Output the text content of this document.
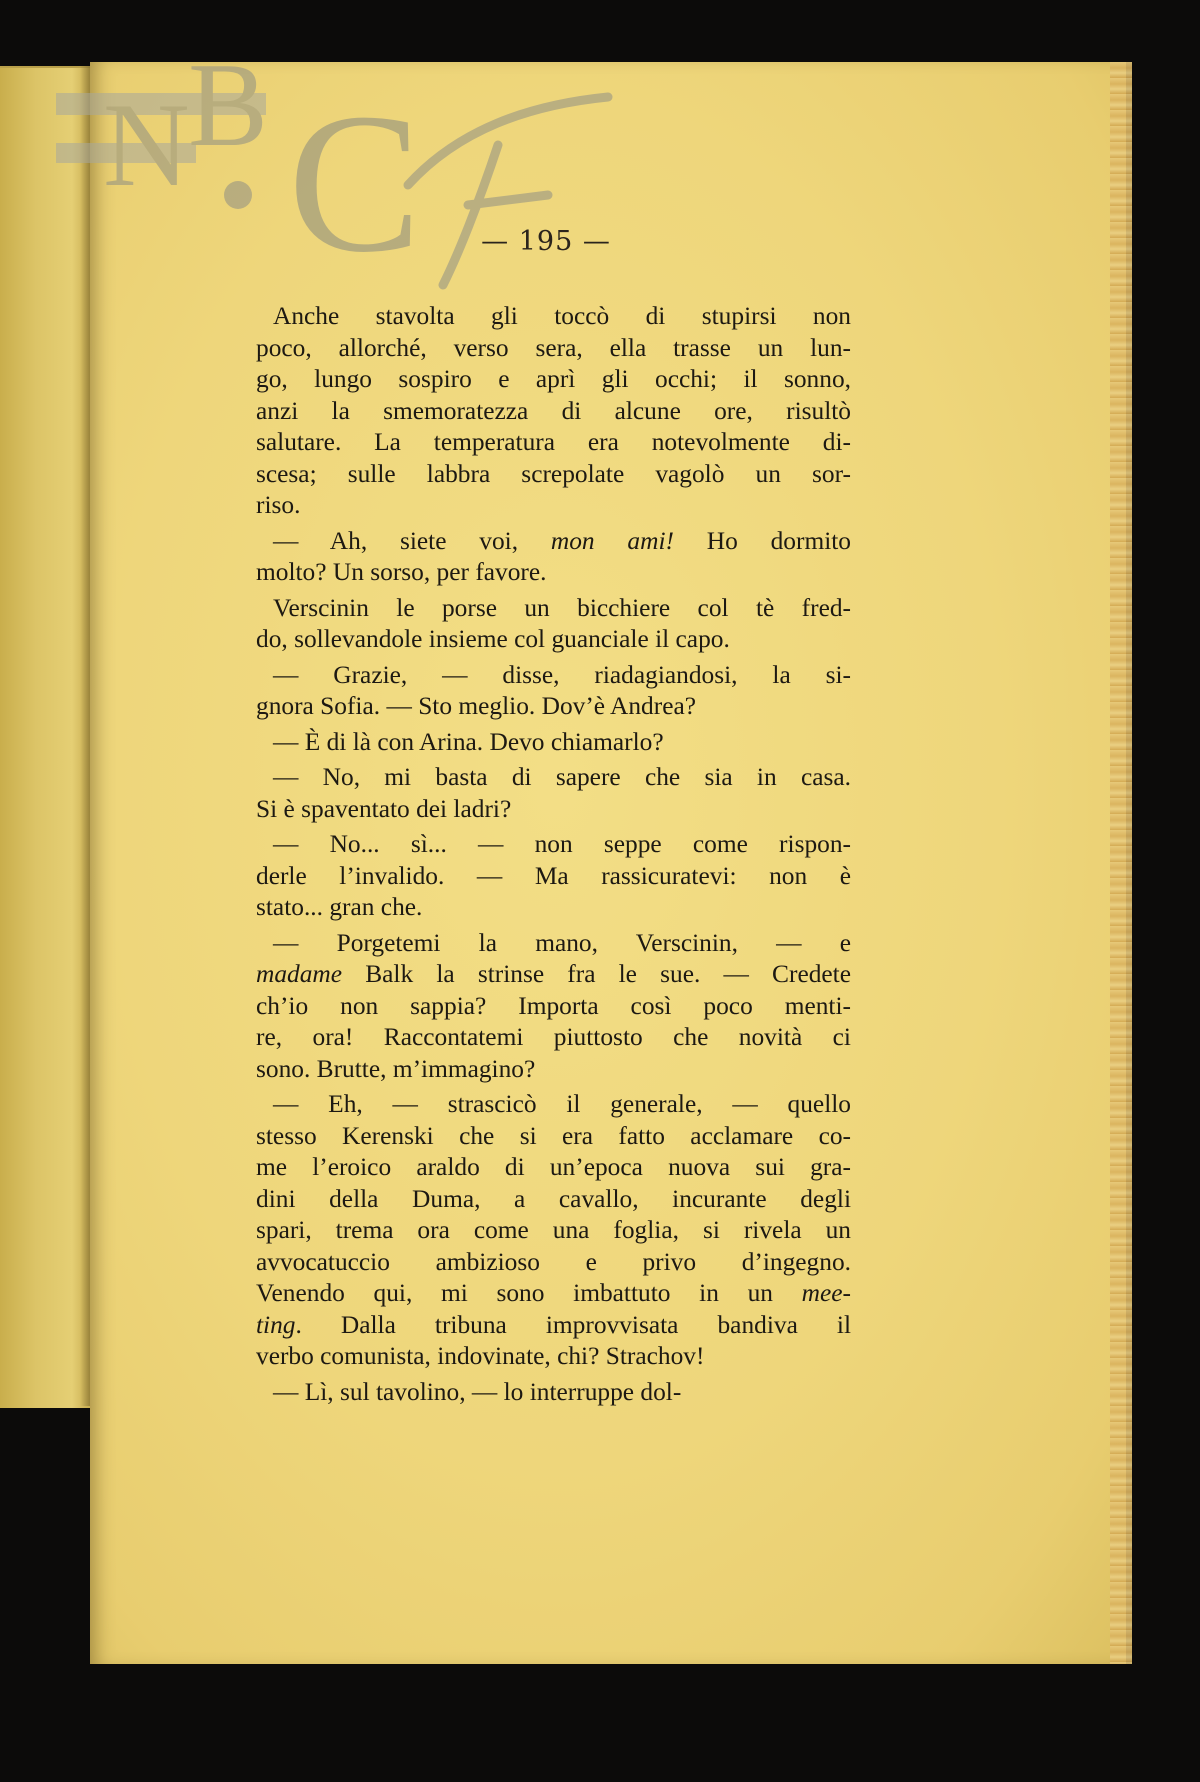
N
B C	— 195 —
Anche stavolta gli toccò di stupirsi non
poco, allorché, verso sera, ella trasse un lun-
go, lungo sospiro e aprì gli occhi; il sonno,
anzi la smemoratezza di alcune ore, risultò
salutare. La temperatura era notevolmente di-
scesa; sulle labbra screpolate vagolò un sor-
riso.
— Ah, siete voi, mon ami! Ho dormito
molto? Un sorso, per favore.
Verscinin le porse un bicchiere col tè fred-
do, sollevandole insieme col guanciale il capo.
— Grazie, — disse, riadagiandosi, la si-
gnora Sofia. — Sto meglio. Dov’è Andrea?
— È di là con Arina. Devo chiamarlo?
— No, mi basta di sapere che sia in casa.
Si è spaventato dei ladri?
— No... sì... — non seppe come rispon-
derle l’invalido. — Ma rassicuratevi: non è
stato... gran che.
— Porgetemi la mano, Verscinin, — e
madame Balk la strinse fra le sue. — Credete
ch’io non sappia? Importa così poco menti-
re, ora! Raccontatemi piuttosto che novità ci
sono. Brutte, m’immagino?
— Eh, — strascicò il generale, — quello
stesso Kerenski che si era fatto acclamare co-
me l’eroico araldo di un’epoca nuova sui gra-
dini della Duma, a cavallo, incurante degli
spari, trema ora come una foglia, si rivela un
avvocatuccio ambizioso e privo d’ingegno.
Venendo qui, mi sono imbattuto in un mee-
ting. Dalla tribuna improvvisata bandiva il
verbo comunista, indovinate, chi? Strachov!
— Lì, sul tavolino, — lo interruppe dol-
